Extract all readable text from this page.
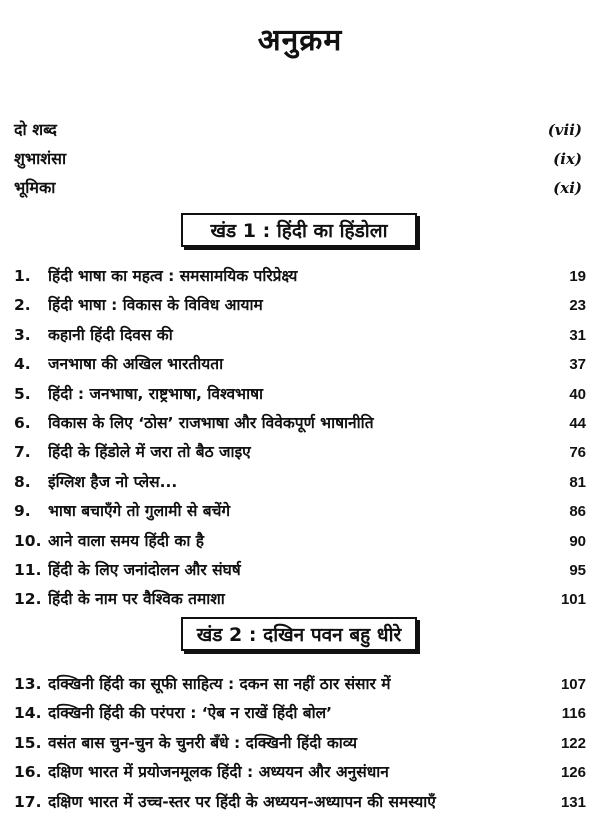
अनुक्रम
दो शब्द	(vii)
शुभाशंसा	(ix)
भूमिका	(xi)
खंड 1 : हिंदी का हिंडोला
1.	हिंदी भाषा का महत्व : समसामयिक परिप्रेक्ष्य	19
2.	हिंदी भाषा : विकास के विविध आयाम	23
3.	कहानी हिंदी दिवस की	31
4.	जनभाषा की अखिल भारतीयता	37
5.	हिंदी : जनभाषा, राष्ट्रभाषा, विश्वभाषा	40
6.	विकास के लिए ‘ठोस’ राजभाषा और विवेकपूर्ण भाषानीति	44
7.	हिंदी के हिंडोले में जरा तो बैठ जाइए	76
8.	इंग्लिश हैज नो प्लेस...	81
9.	भाषा बचाएँगे तो गुलामी से बचेंगे	86
10. आने वाला समय हिंदी का है	90
11. हिंदी के लिए जनांदोलन और संघर्ष	95
12. हिंदी के नाम पर वैश्विक तमाशा	101
खंड 2 : दखिन पवन बहु धीरे
13. दक्खिनी हिंदी का सूफी साहित्य : दकन सा नहीं ठार संसार में	107
14. दक्खिनी हिंदी की परंपरा : ‘ऐब न राखें हिंदी बोल’	116
15. वसंत बास चुन-चुन के चुनरी बँधे : दक्खिनी हिंदी काव्य	122
16. दक्षिण भारत में प्रयोजनमूलक हिंदी : अध्ययन और अनुसंधान	126
17. दक्षिण भारत में उच्च-स्तर पर हिंदी के अध्ययन-अध्यापन की समस्याएँ	131
